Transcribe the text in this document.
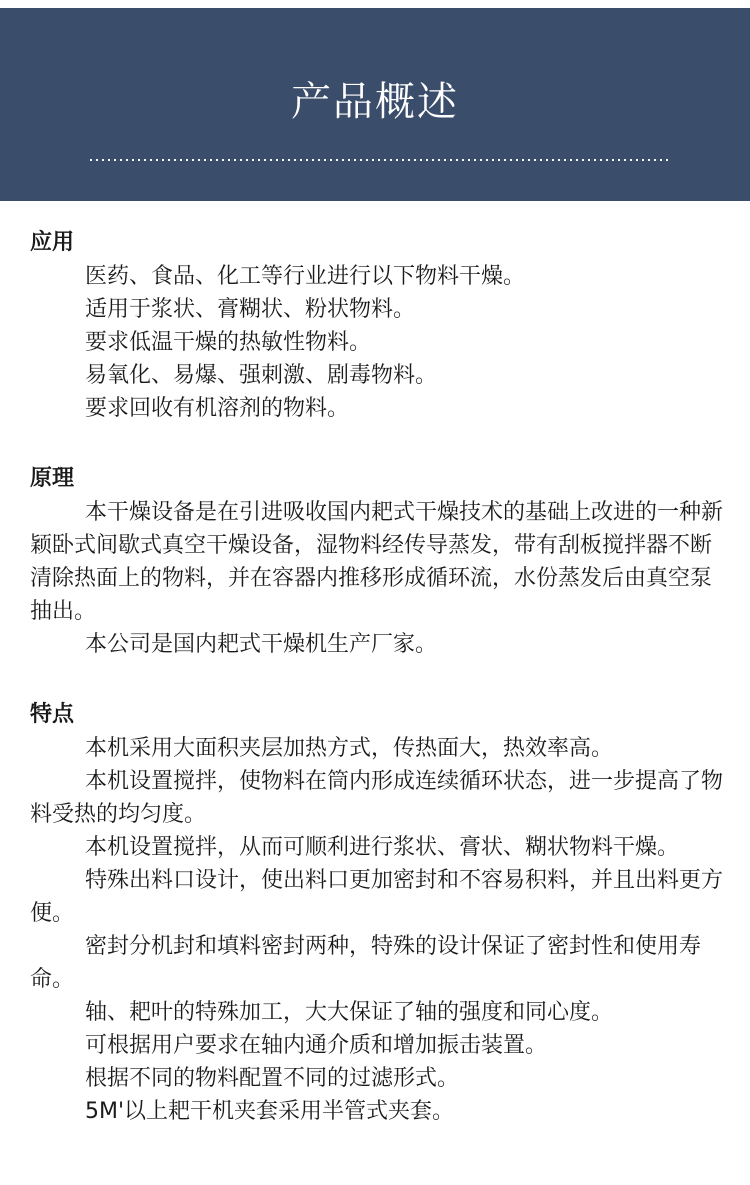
产品概述

应用

医药、食品、化工等行业进行以下物料干燥。

适用于浆状、膏糊状、粉状物料。

要求低温干燥的热敏性物料。

易氧化、易爆、强刺激、剧毒物料。

要求回收有机溶剂的物料。

原理

本干燥设备是在引进吸收国内耙式干燥技术的基础上改进的一种新颖卧式间歇式真空干燥设备，湿物料经传导蒸发，带有刮板搅拌器不断清除热面上的物料，并在容器内推移形成循环流，水份蒸发后由真空泵抽出。

本公司是国内耙式干燥机生产厂家。

特点

本机采用大面积夹层加热方式，传热面大，热效率高。

本机设置搅拌，使物料在筒内形成连续循环状态，进一步提高了物料受热的均匀度。

本机设置搅拌，从而可顺利进行浆状、膏状、糊状物料干燥。

特殊出料口设计，使出料口更加密封和不容易积料，并且出料更方便。

密封分机封和填料密封两种，特殊的设计保证了密封性和使用寿命。

轴、耙叶的特殊加工，大大保证了轴的强度和同心度。

可根据用户要求在轴内通介质和增加振击装置。

根据不同的物料配置不同的过滤形式。

5M'以上耙干机夹套采用半管式夹套。
